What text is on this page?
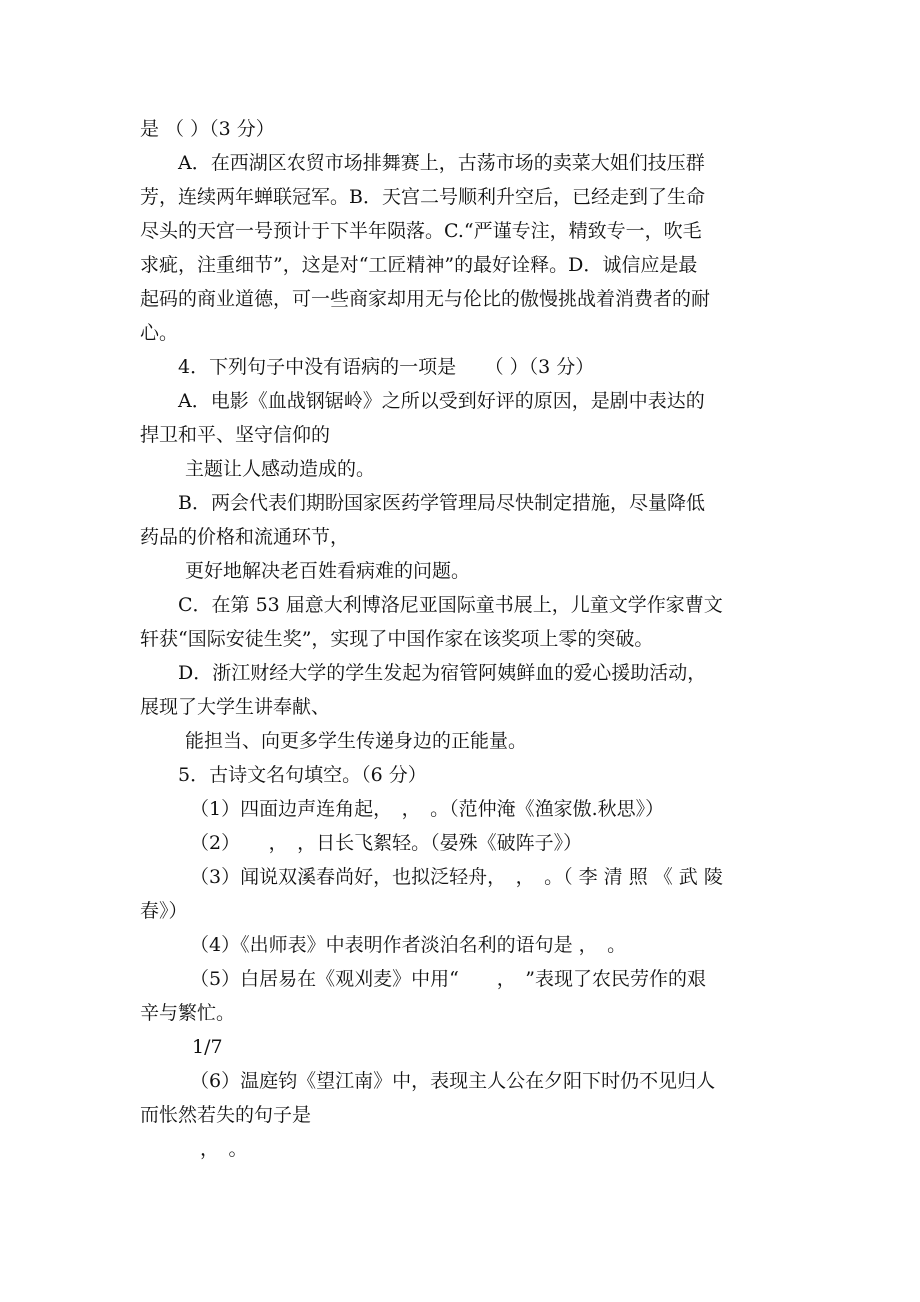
是 （ ）（3 分）
A．在西湖区农贸市场排舞赛上，古荡市场的卖菜大姐们技压群
芳，连续两年蝉联冠军。B．天宫二号顺利升空后，已经走到了生命
尽头的天宫一号预计于下半年陨落。C.“严谨专注，精致专一，吹毛
求疵，注重细节”，这是对“工匠精神”的最好诠释。D．诚信应是最
起码的商业道德，可一些商家却用无与伦比的傲慢挑战着消费者的耐
心。
4．下列句子中没有语病的一项是　　（ ）（3 分）
A．电影《血战钢锯岭》之所以受到好评的原因，是剧中表达的
捍卫和平、坚守信仰的
主题让人感动造成的。
B．两会代表们期盼国家医药学管理局尽快制定措施，尽量降低
药品的价格和流通环节，
更好地解决老百姓看病难的问题。
C．在第 53 届意大利博洛尼亚国际童书展上，儿童文学作家曹文
轩获“国际安徒生奖”，实现了中国作家在该奖项上零的突破。
D．浙江财经大学的学生发起为宿管阿姨鲜血的爱心援助活动，
展现了大学生讲奉献、
能担当、向更多学生传递身边的正能量。
5．古诗文名句填空。（6 分）
（1）四面边声连角起，　，　。（范仲淹《渔家傲.秋思》）
（2）　　，　，日长飞絮轻。（晏殊《破阵子》）
（3）闻说双溪春尚好，也拟泛轻舟，　，　。（ 李 清 照 《 武 陵
春》）
（4）《出师表》中表明作者淡泊名利的语句是 ，　。
（5）白居易在《观刈麦》中用“　　，　”表现了农民劳作的艰
辛与繁忙。
1/7
（6）温庭钧《望江南》中，表现主人公在夕阳下时仍不见归人
而怅然若失的句子是
，　。
